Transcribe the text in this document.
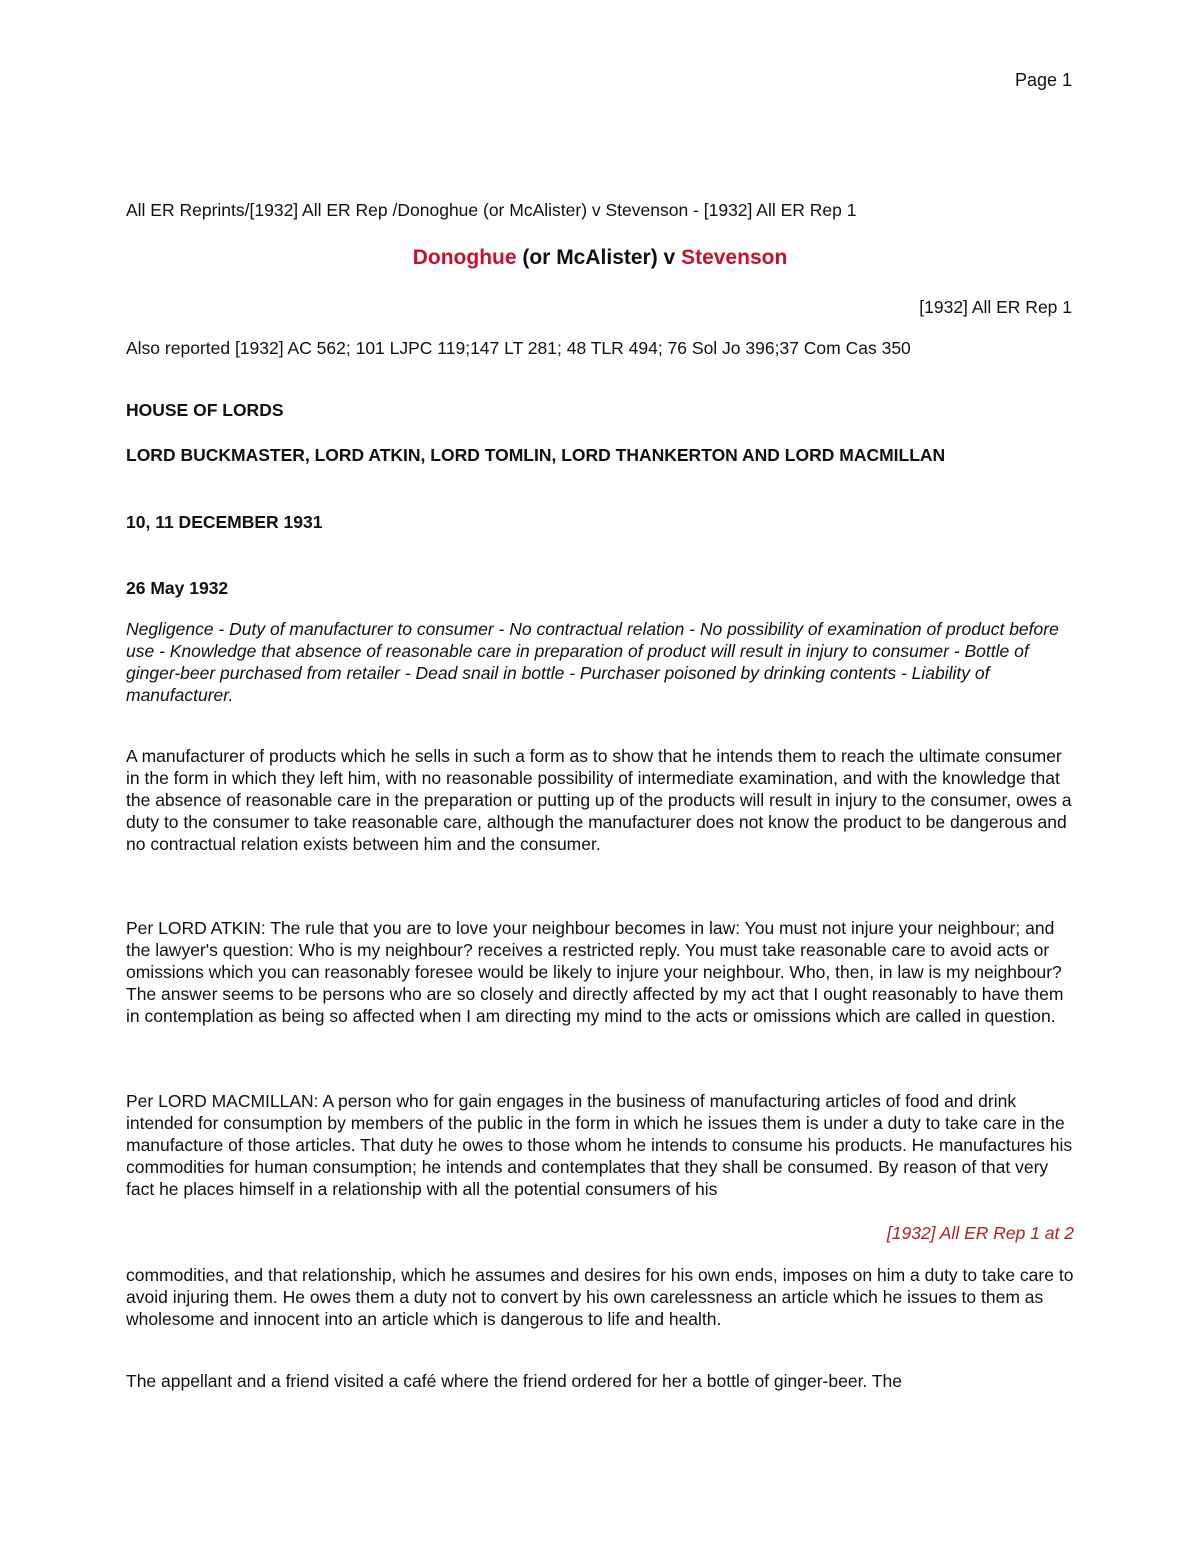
Page 1
All ER Reprints/[1932] All ER Rep /Donoghue (or McAlister) v Stevenson - [1932] All ER Rep 1
Donoghue (or McAlister) v Stevenson
[1932] All ER Rep 1
Also reported [1932] AC 562; 101 LJPC 119;147 LT 281; 48 TLR 494; 76 Sol Jo 396;37 Com Cas 350
HOUSE OF LORDS
LORD BUCKMASTER, LORD ATKIN, LORD TOMLIN, LORD THANKERTON AND LORD MACMILLAN
10, 11 DECEMBER 1931
26 May 1932

Negligence - Duty of manufacturer to consumer - No contractual relation - No possibility of examination of product before use - Knowledge that absence of reasonable care in preparation of product will result in injury to consumer - Bottle of ginger-beer purchased from retailer - Dead snail in bottle - Purchaser poisoned by drinking contents - Liability of manufacturer.

A manufacturer of products which he sells in such a form as to show that he intends them to reach the ultimate consumer in the form in which they left him, with no reasonable possibility of intermediate examination, and with the knowledge that the absence of reasonable care in the preparation or putting up of the products will result in injury to the consumer, owes a duty to the consumer to take reasonable care, although the manufacturer does not know the product to be dangerous and no contractual relation exists between him and the consumer.

Per LORD ATKIN: The rule that you are to love your neighbour becomes in law: You must not injure your neighbour; and the lawyer's question: Who is my neighbour? receives a restricted reply. You must take reasonable care to avoid acts or omissions which you can reasonably foresee would be likely to injure your neighbour. Who, then, in law is my neighbour? The answer seems to be persons who are so closely and directly affected by my act that I ought reasonably to have them in contemplation as being so affected when I am directing my mind to the acts or omissions which are called in question.

Per LORD MACMILLAN: A person who for gain engages in the business of manufacturing articles of food and drink intended for consumption by members of the public in the form in which he issues them is under a duty to take care in the manufacture of those articles. That duty he owes to those whom he intends to consume his products. He manufactures his commodities for human consumption; he intends and contemplates that they shall be consumed. By reason of that very fact he places himself in a relationship with all the potential consumers of his

[1932] All ER Rep 1 at 2

commodities, and that relationship, which he assumes and desires for his own ends, imposes on him a duty to take care to avoid injuring them. He owes them a duty not to convert by his own carelessness an article which he issues to them as wholesome and innocent into an article which is dangerous to life and health.

The appellant and a friend visited a café where the friend ordered for her a bottle of ginger-beer. The
